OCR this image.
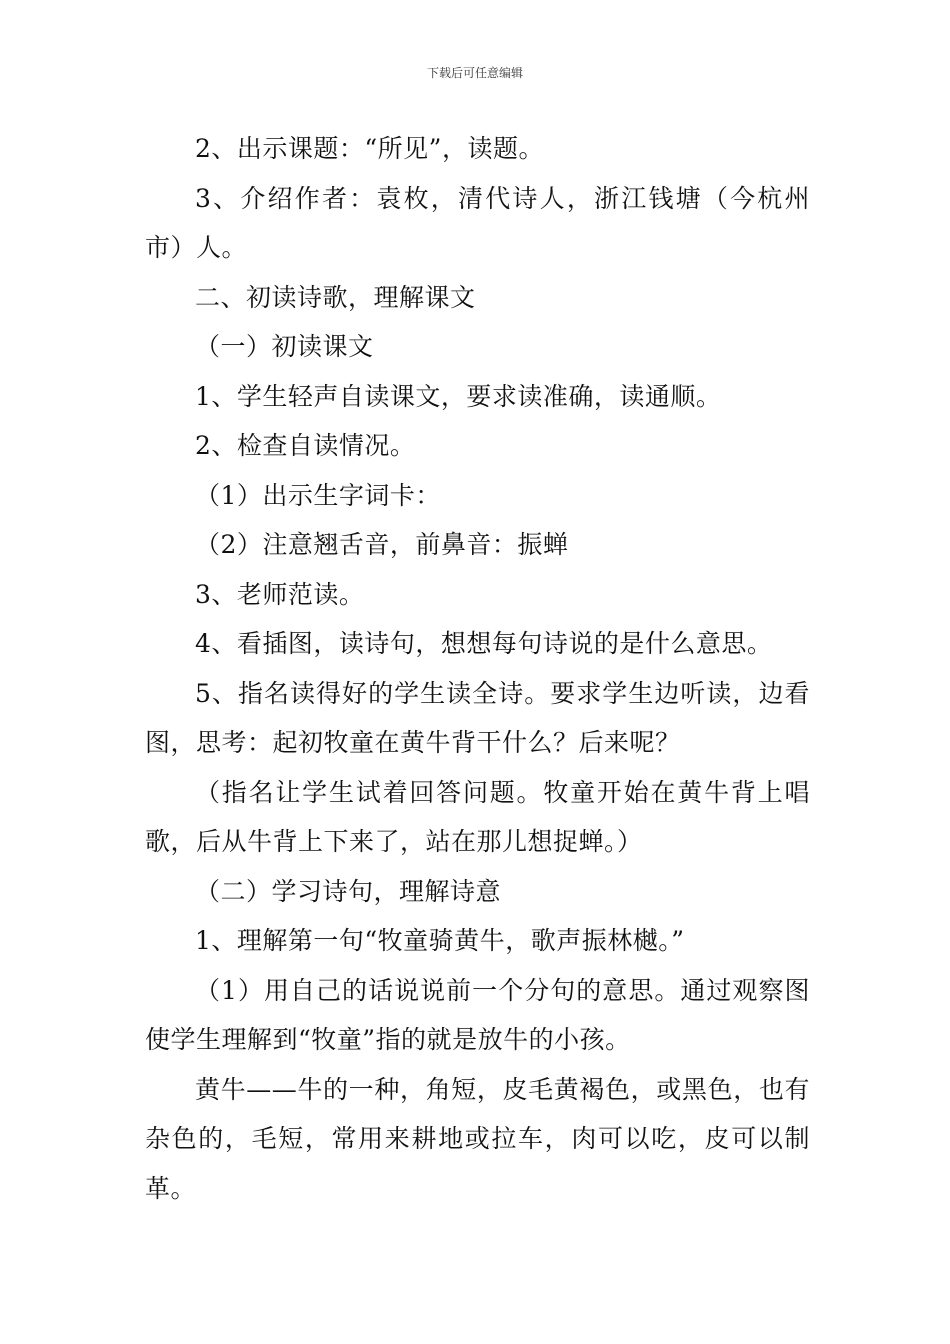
下载后可任意编辑

2、出示课题：“所见”，读题。

3、介绍作者：袁枚，清代诗人，浙江钱塘（今杭州市）人。

二、初读诗歌，理解课文

（一）初读课文

1、学生轻声自读课文，要求读准确，读通顺。

2、检查自读情况。

（1）出示生字词卡：

（2）注意翘舌音，前鼻音：振蝉

3、老师范读。

4、看插图，读诗句，想想每句诗说的是什么意思。

5、指名读得好的学生读全诗。要求学生边听读，边看图，思考：起初牧童在黄牛背干什么？后来呢？

（指名让学生试着回答问题。牧童开始在黄牛背上唱歌，后从牛背上下来了，站在那儿想捉蝉。）

（二）学习诗句，理解诗意

1、理解第一句“牧童骑黄牛，歌声振林樾。”

（1）用自己的话说说前一个分句的意思。通过观察图使学生理解到“牧童”指的就是放牛的小孩。

黄牛——牛的一种，角短，皮毛黄褐色，或黑色，也有杂色的，毛短，常用来耕地或拉车，肉可以吃，皮可以制革。
